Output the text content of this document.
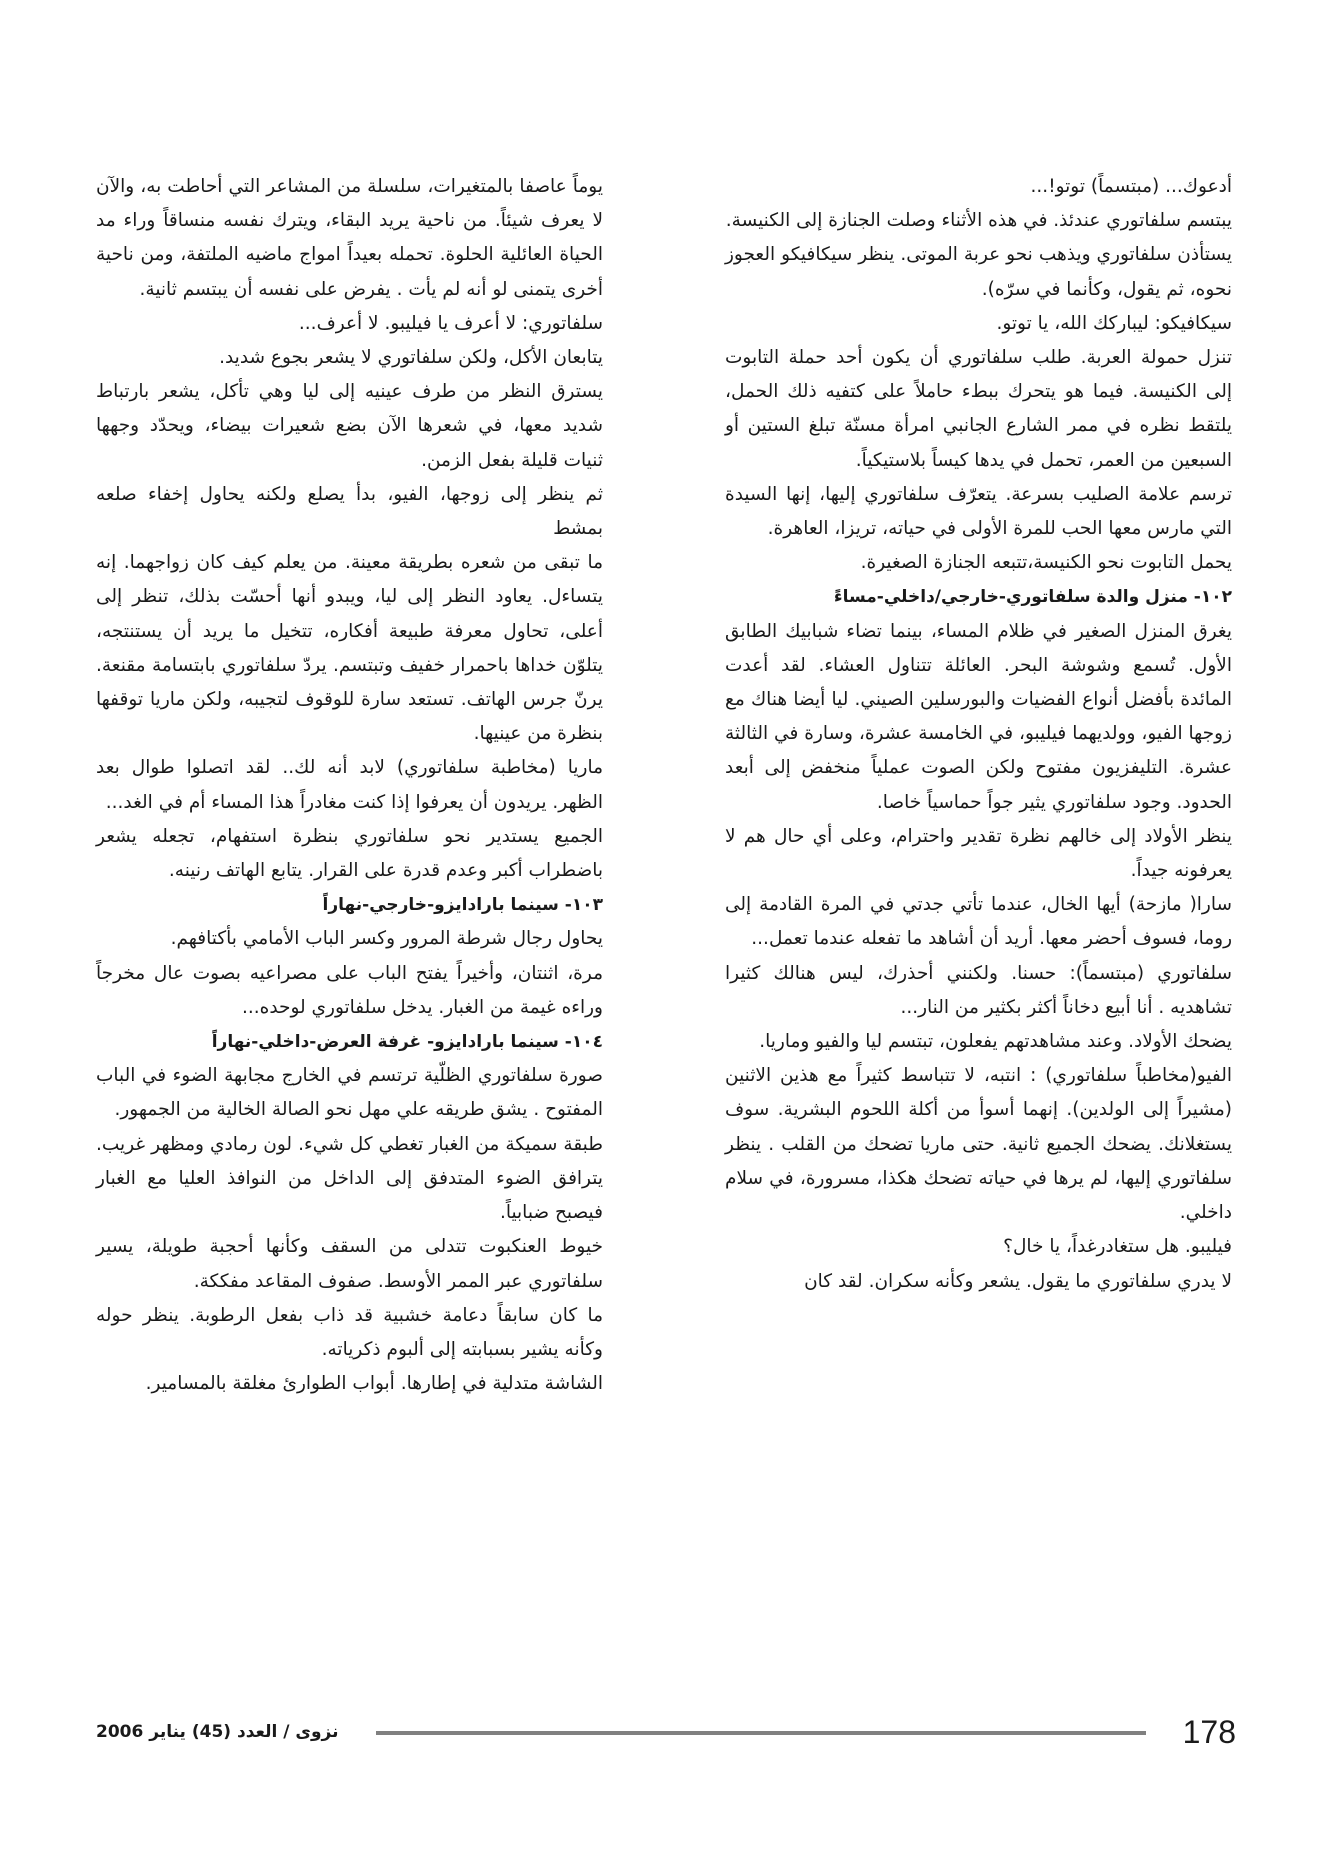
أدعوك... (مبتسماً) توتو!...

يبتسم سلفاتوري عندئذ. في هذه الأثناء وصلت الجنازة إلى الكنيسة.

يستأذن سلفاتوري ويذهب نحو عربة الموتى. ينظر سيكافيكو العجوز نحوه، ثم يقول، وكأنما في سرّه).

سيكافيكو: ليباركك الله، يا توتو.

تنزل حمولة العربة. طلب سلفاتوري أن يكون أحد حملة التابوت إلى الكنيسة. فيما هو يتحرك ببطء حاملاً على كتفيه ذلك الحمل، يلتقط نظره في ممر الشارع الجانبي امرأة مسنّة تبلغ الستين أو السبعين من العمر، تحمل في يدها كيساً بلاستيكياً.

ترسم علامة الصليب بسرعة. يتعرّف سلفاتوري إليها، إنها السيدة التي مارس معها الحب للمرة الأولى في حياته، تريزا، العاهرة.

يحمل التابوت نحو الكنيسة،تتبعه الجنازة الصغيرة.

١٠٢- منزل والدة سلفاتوري-خارجي/داخلي-مساءً

يغرق المنزل الصغير في ظلام المساء، بينما تضاء شبابيك الطابق الأول. تُسمع وشوشة البحر. العائلة تتناول العشاء. لقد أعدت المائدة بأفضل أنواع الفضيات والبورسلين الصيني. ليا أيضا هناك مع زوجها الفيو، وولديهما فيليبو، في الخامسة عشرة، وسارة في الثالثة عشرة. التليفزيون مفتوح ولكن الصوت عملياً منخفض إلى أبعد الحدود. وجود سلفاتوري يثير جواً حماسياً خاصا.

ينظر الأولاد إلى خالهم نظرة تقدير واحترام، وعلى أي حال هم لا يعرفونه جيداً.

سارا( مازحة) أيها الخال، عندما تأتي جدتي في المرة القادمة إلى روما، فسوف أحضر معها. أريد أن أشاهد ما تفعله عندما تعمل...

سلفاتوري (مبتسماً): حسنا. ولكنني أحذرك، ليس هنالك كثيرا تشاهديه . أنا أبيع دخاناً أكثر بكثير من النار...

يضحك الأولاد. وعند مشاهدتهم يفعلون، تبتسم ليا والفيو وماريا.

الفيو(مخاطباً سلفاتوري) : انتبه، لا تتباسط كثيراً مع هذين الاثنين (مشيراً إلى الولدين). إنهما أسوأ من أكلة اللحوم البشرية. سوف يستغلانك. يضحك الجميع ثانية. حتى ماريا تضحك من القلب . ينظر سلفاتوري إليها، لم يرها في حياته تضحك هكذا، مسرورة، في سلام داخلي.

فيليبو. هل ستغادرغداً، يا خال؟

لا يدري سلفاتوري ما يقول. يشعر وكأنه سكران. لقد كان

يوماً عاصفا بالمتغيرات، سلسلة من المشاعر التي أحاطت به، والآن لا يعرف شيئاً. من ناحية يريد البقاء، ويترك نفسه منساقاً وراء مد الحياة العائلية الحلوة. تحمله بعيداً امواج ماضيه الملتفة، ومن ناحية أخرى يتمنى لو أنه لم يأت . يفرض على نفسه أن يبتسم ثانية.

سلفاتوري: لا أعرف يا فيليبو. لا أعرف...

يتابعان الأكل، ولكن سلفاتوري لا يشعر بجوع شديد.

يسترق النظر من طرف عينيه إلى ليا وهي تأكل، يشعر بارتباط شديد معها، في شعرها الآن بضع شعيرات بيضاء، ويحدّد وجهها ثنيات قليلة بفعل الزمن.

ثم ينظر إلى زوجها، الفيو، بدأ يصلع ولكنه يحاول إخفاء صلعه بمشط

ما تبقى من شعره بطريقة معينة. من يعلم كيف كان زواجهما. إنه يتساءل. يعاود النظر إلى ليا، ويبدو أنها أحسّت بذلك، تنظر إلى أعلى، تحاول معرفة طبيعة أفكاره، تتخيل ما يريد أن يستنتجه، يتلوّن خداها باحمرار خفيف وتبتسم. يردّ سلفاتوري بابتسامة مقنعة. يرنّ جرس الهاتف. تستعد سارة للوقوف لتجيبه، ولكن ماريا توقفها بنظرة من عينيها.

ماريا (مخاطبة سلفاتوري) لابد أنه لك.. لقد اتصلوا طوال بعد الظهر. يريدون أن يعرفوا إذا كنت مغادراً هذا المساء أم في الغد...

الجميع يستدير نحو سلفاتوري بنظرة استفهام، تجعله يشعر باضطراب أكبر وعدم قدرة على القرار. يتابع الهاتف رنينه.

١٠٣- سينما بارادايزو-خارجي-نهاراً

يحاول رجال شرطة المرور وكسر الباب الأمامي بأكتافهم.

مرة، اثنتان، وأخيراً يفتح الباب على مصراعيه بصوت عال مخرجاً وراءه غيمة من الغبار. يدخل سلفاتوري لوحده...

١٠٤- سينما بارادايزو- غرفة العرض-داخلي-نهاراً

صورة سلفاتوري الظلّية ترتسم في الخارج مجابهة الضوء في الباب المفتوح . يشق طريقه علي مهل نحو الصالة الخالية من الجمهور.

طبقة سميكة من الغبار تغطي كل شيء. لون رمادي ومظهر غريب. يترافق الضوء المتدفق إلى الداخل من النوافذ العليا مع الغبار فيصبح ضبابياً.

خيوط العنكبوت تتدلى من السقف وكأنها أحجبة طويلة، يسير سلفاتوري عبر الممر الأوسط. صفوف المقاعد مفككة.

ما كان سابقاً دعامة خشبية قد ذاب بفعل الرطوبة. ينظر حوله وكأنه يشير بسبابته إلى ألبوم ذكرياته.

الشاشة متدلية في إطارها. أبواب الطوارئ مغلقة بالمسامير.

نزوى / العدد (45) يناير 2006	178
